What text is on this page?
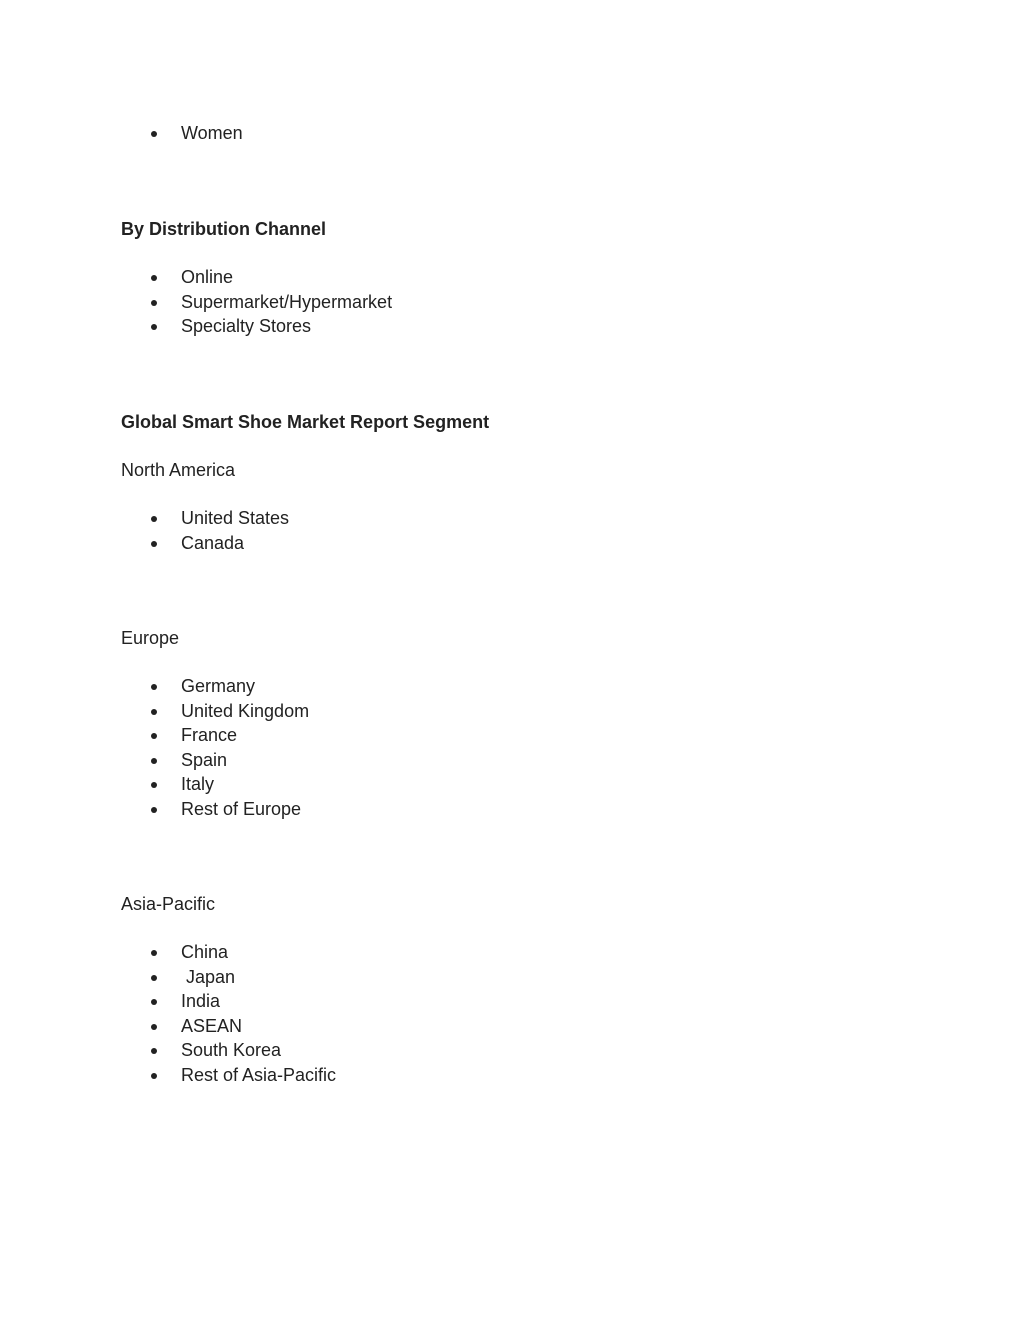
Women

By Distribution Channel

Online

Supermarket/Hypermarket

Specialty Stores

Global Smart Shoe Market Report Segment
North America

United States

Canada

Europe

Germany

United Kingdom

France

Spain

Italy

Rest of Europe

Asia-Pacific

China

Japan

India

ASEAN

South Korea

Rest of Asia-Pacific
